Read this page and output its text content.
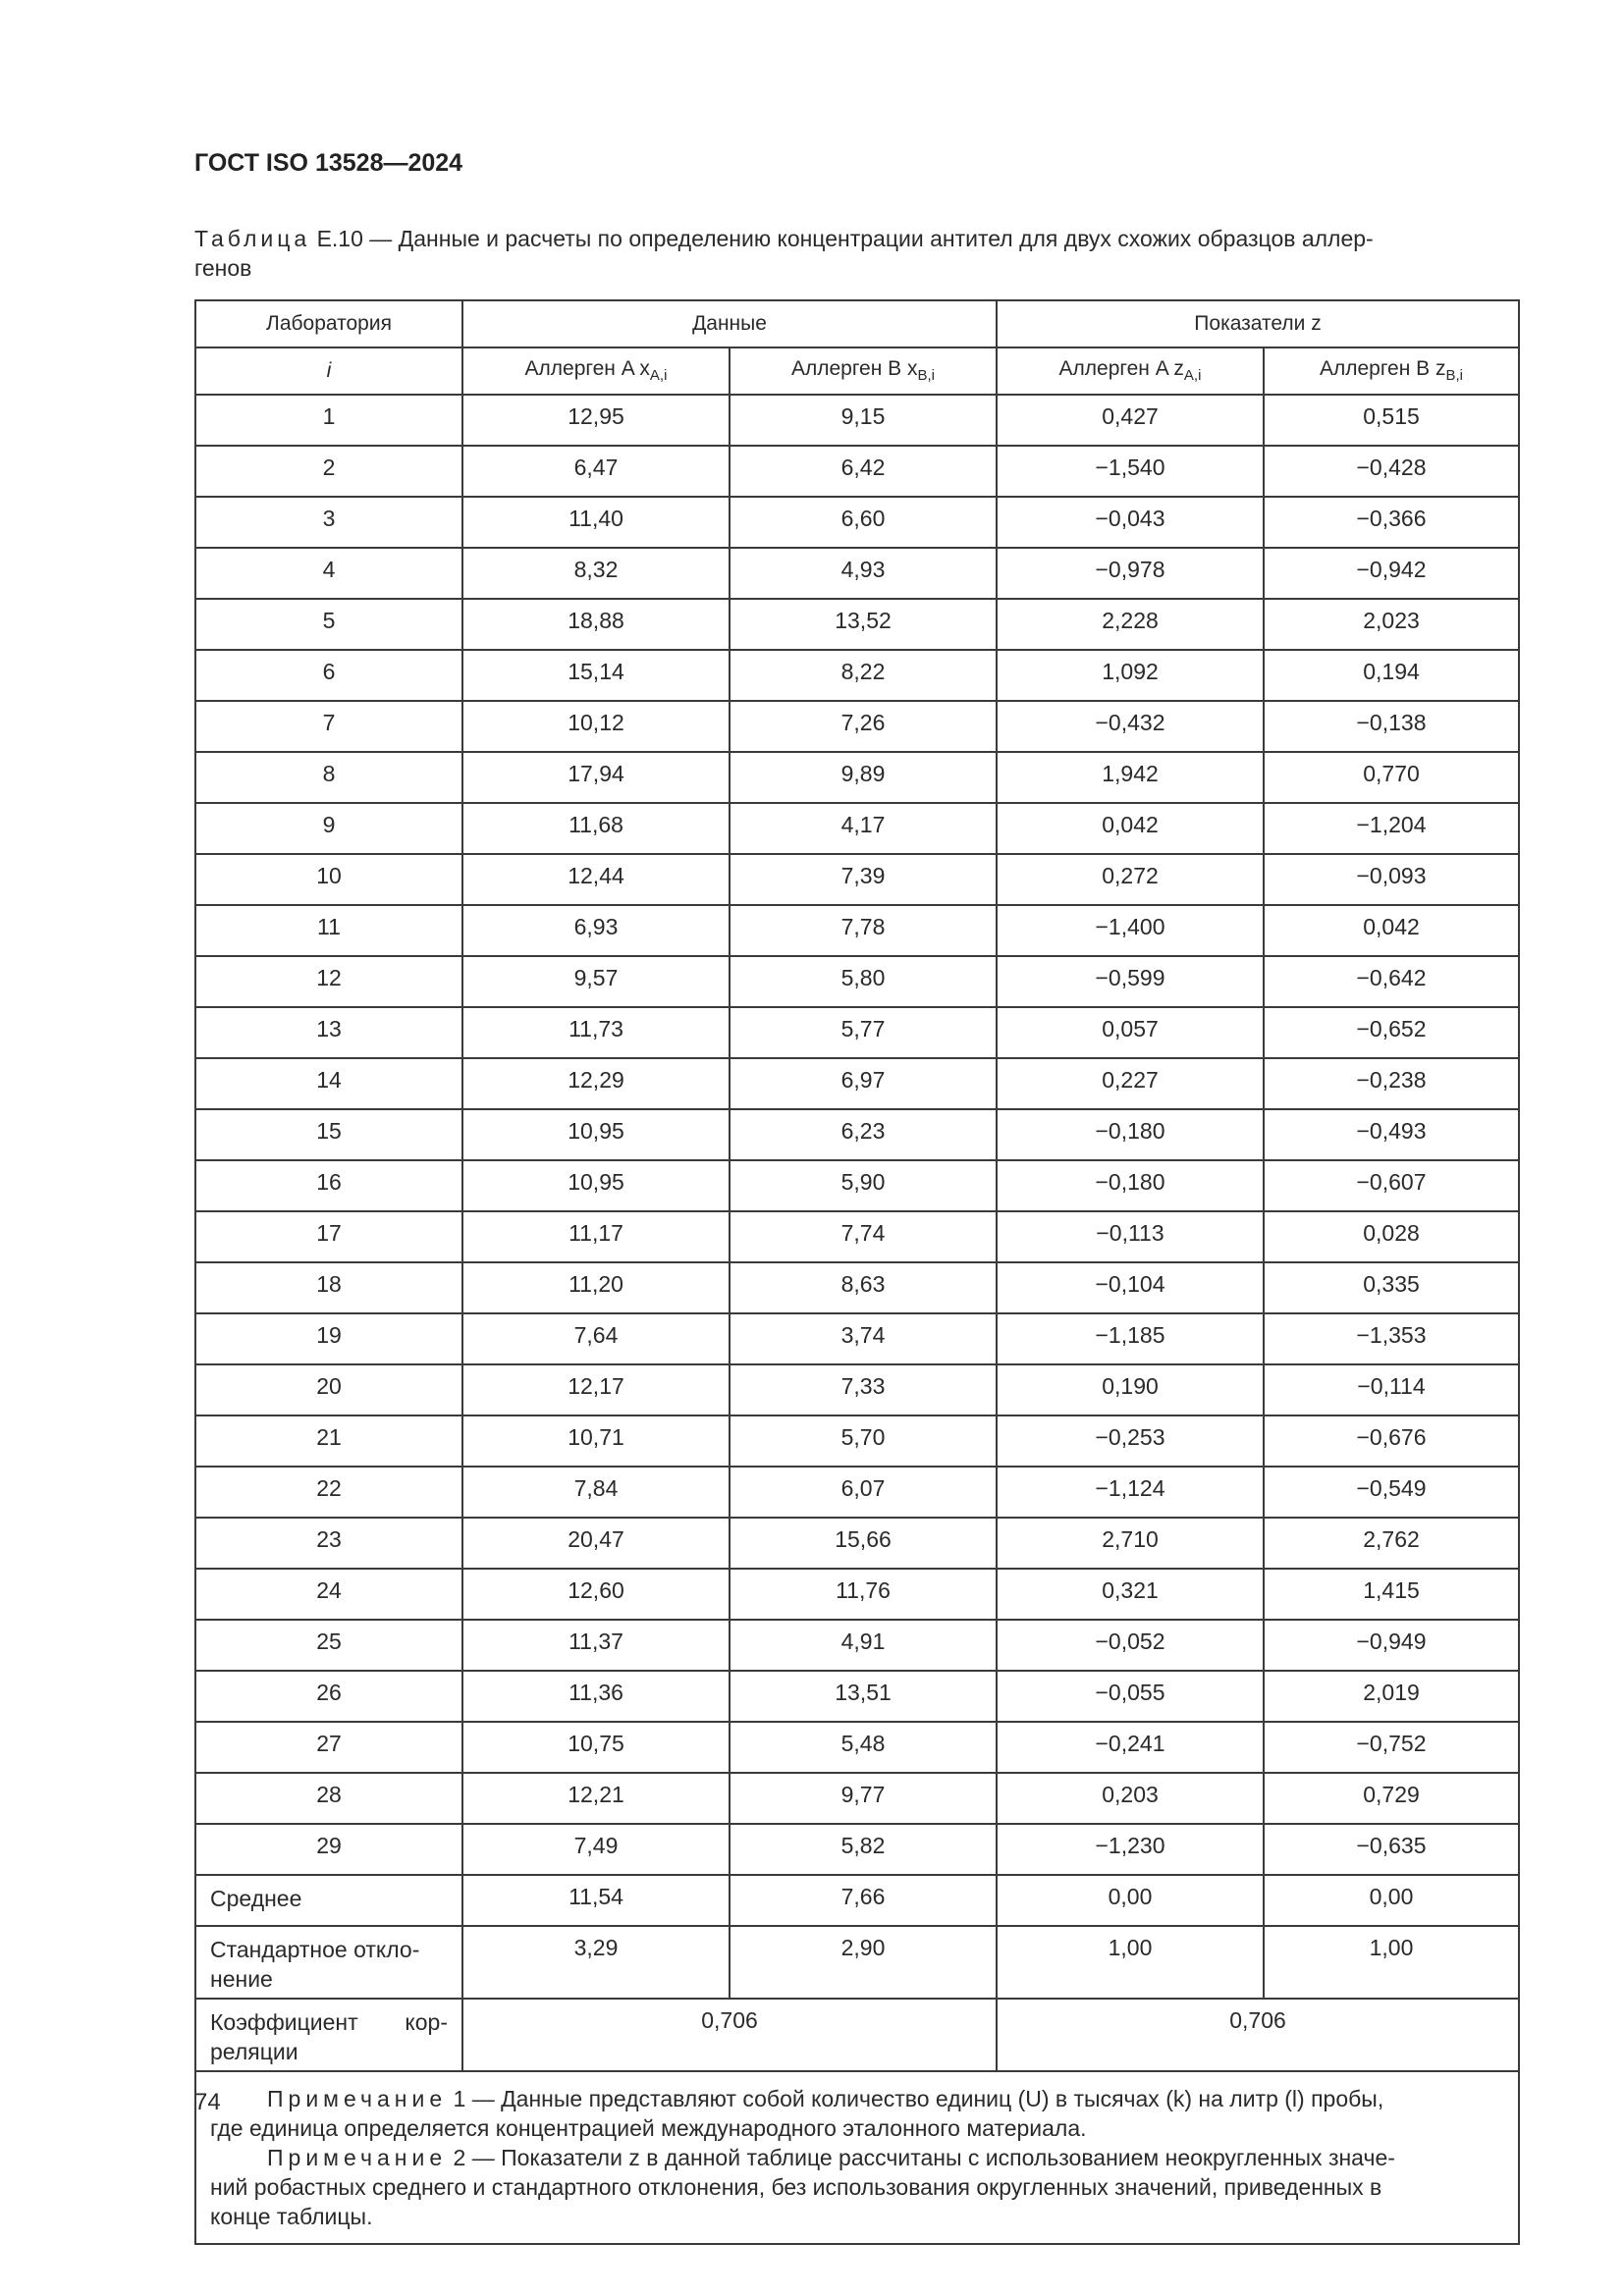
ГОСТ ISO 13528—2024
Таблица Е.10 — Данные и расчеты по определению концентрации антител для двух схожих образцов аллер-
генов
Лаборатория	Данные		Показатели z	
i	Аллерген A $x_{A,i}$	Аллерген B $x_{B,i}$	Аллерген A $z_{A,i}$	Аллерген B $z_{B,i}$
1	12,95	9,15	0,427	0,515
2	6,47	6,42	−1,540	−0,428
3	11,40	6,60	−0,043	−0,366
4	8,32	4,93	−0,978	−0,942
5	18,88	13,52	2,228	2,023
6	15,14	8,22	1,092	0,194
7	10,12	7,26	−0,432	−0,138
8	17,94	9,89	1,942	0,770
9	11,68	4,17	0,042	−1,204
10	12,44	7,39	0,272	−0,093
11	6,93	7,78	−1,400	0,042
12	9,57	5,80	−0,599	−0,642
13	11,73	5,77	0,057	−0,652
14	12,29	6,97	0,227	−0,238
15	10,95	6,23	−0,180	−0,493
16	10,95	5,90	−0,180	−0,607
17	11,17	7,74	−0,113	0,028
18	11,20	8,63	−0,104	0,335
19	7,64	3,74	−1,185	−1,353
20	12,17	7,33	0,190	−0,114
21	10,71	5,70	−0,253	−0,676
22	7,84	6,07	−1,124	−0,549
23	20,47	15,66	2,710	2,762
24	12,60	11,76	0,321	1,415
25	11,37	4,91	−0,052	−0,949
26	11,36	13,51	−0,055	2,019
27	10,75	5,48	−0,241	−0,752
28	12,21	9,77	0,203	0,729
29	7,49	5,82	−1,230	−0,635
Среднее	11,54	7,66	0,00	0,00
Стандартное откло-
нение	3,29	2,90	1,00	1,00

Коэффициент кор-
реляции	0,706		0,706	

Примечание 1 — Данные представляют собой количество единиц (U) в тысячах (k) на литр (l) пробы,

где единица определяется концентрацией международного эталонного материала.

Примечание 2 — Показатели z в данной таблице рассчитаны с использованием неокругленных значе-

ний робастных среднего и стандартного отклонения, без использования округленных значений, приведенных в

конце таблицы.				

74
